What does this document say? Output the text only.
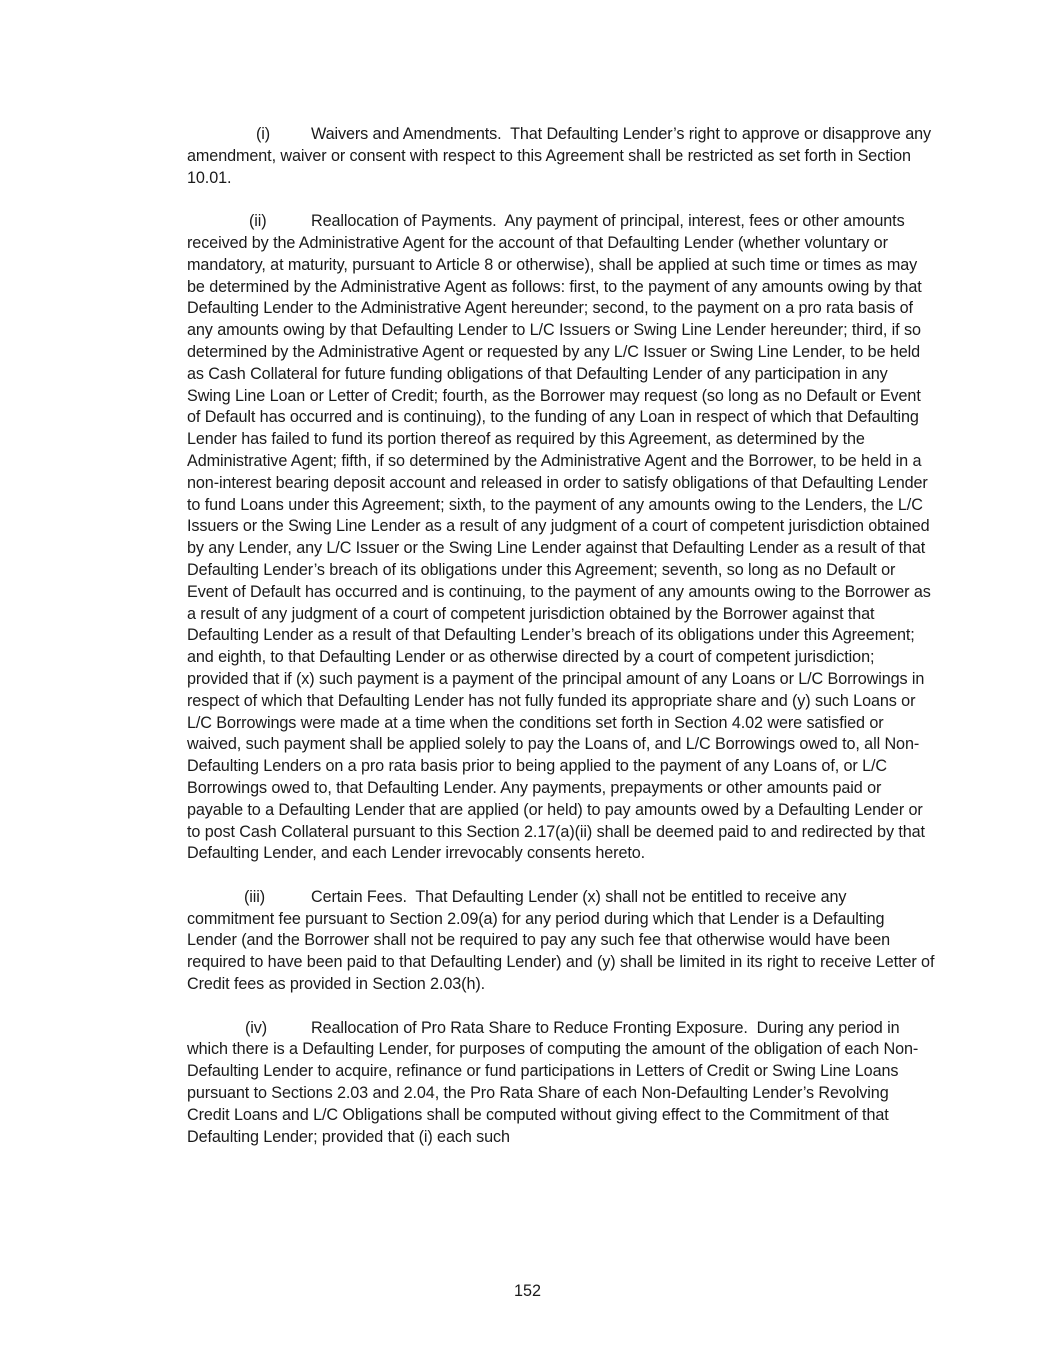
(i)	Waivers and Amendments. That Defaulting Lender’s right to approve or disapprove any amendment, waiver or consent with respect to this Agreement shall be restricted as set forth in Section 10.01.

(ii)	Reallocation of Payments. Any payment of principal, interest, fees or other amounts received by the Administrative Agent for the account of that Defaulting Lender (whether voluntary or mandatory, at maturity, pursuant to Article 8 or otherwise), shall be applied at such time or times as may be determined by the Administrative Agent as follows: first, to the payment of any amounts owing by that Defaulting Lender to the Administrative Agent hereunder; second, to the payment on a pro rata basis of any amounts owing by that Defaulting Lender to L/C Issuers or Swing Line Lender hereunder; third, if so determined by the Administrative Agent or requested by any L/C Issuer or Swing Line Lender, to be held as Cash Collateral for future funding obligations of that Defaulting Lender of any participation in any Swing Line Loan or Letter of Credit; fourth, as the Borrower may request (so long as no Default or Event of Default has occurred and is continuing), to the funding of any Loan in respect of which that Defaulting Lender has failed to fund its portion thereof as required by this Agreement, as determined by the Administrative Agent; fifth, if so determined by the Administrative Agent and the Borrower, to be held in a non-interest bearing deposit account and released in order to satisfy obligations of that Defaulting Lender to fund Loans under this Agreement; sixth, to the payment of any amounts owing to the Lenders, the L/C Issuers or the Swing Line Lender as a result of any judgment of a court of competent jurisdiction obtained by any Lender, any L/C Issuer or the Swing Line Lender against that Defaulting Lender as a result of that Defaulting Lender’s breach of its obligations under this Agreement; seventh, so long as no Default or Event of Default has occurred and is continuing, to the payment of any amounts owing to the Borrower as a result of any judgment of a court of competent jurisdiction obtained by the Borrower against that Defaulting Lender as a result of that Defaulting Lender’s breach of its obligations under this Agreement; and eighth, to that Defaulting Lender or as otherwise directed by a court of competent jurisdiction; provided that if (x) such payment is a payment of the principal amount of any Loans or L/C Borrowings in respect of which that Defaulting Lender has not fully funded its appropriate share and (y) such Loans or L/C Borrowings were made at a time when the conditions set forth in Section 4.02 were satisfied or waived, such payment shall be applied solely to pay the Loans of, and L/C Borrowings owed to, all Non-Defaulting Lenders on a pro rata basis prior to being applied to the payment of any Loans of, or L/C Borrowings owed to, that Defaulting Lender. Any payments, prepayments or other amounts paid or payable to a Defaulting Lender that are applied (or held) to pay amounts owed by a Defaulting Lender or to post Cash Collateral pursuant to this Section 2.17(a)(ii) shall be deemed paid to and redirected by that Defaulting Lender, and each Lender irrevocably consents hereto.

(iii)	Certain Fees. That Defaulting Lender (x) shall not be entitled to receive any commitment fee pursuant to Section 2.09(a) for any period during which that Lender is a Defaulting Lender (and the Borrower shall not be required to pay any such fee that otherwise would have been required to have been paid to that Defaulting Lender) and (y) shall be limited in its right to receive Letter of Credit fees as provided in Section 2.03(h).

(iv)	Reallocation of Pro Rata Share to Reduce Fronting Exposure. During any period in which there is a Defaulting Lender, for purposes of computing the amount of the obligation of each Non-Defaulting Lender to acquire, refinance or fund participations in Letters of Credit or Swing Line Loans pursuant to Sections 2.03 and 2.04, the Pro Rata Share of each Non-Defaulting Lender’s Revolving Credit Loans and L/C Obligations shall be computed without giving effect to the Commitment of that Defaulting Lender; provided that (i) each such

152
